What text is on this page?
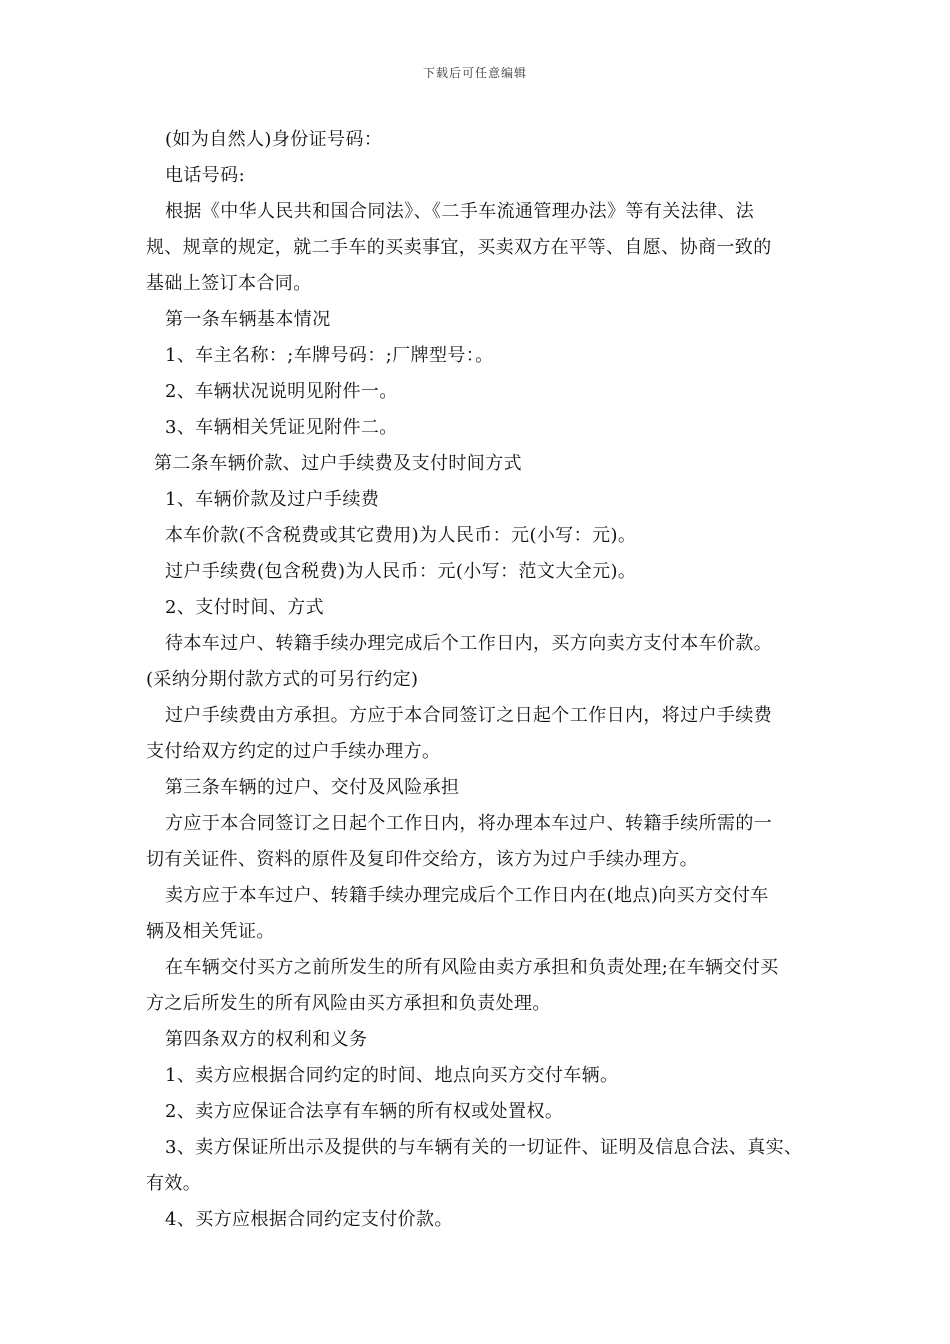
下载后可任意编辑

(如为自然人)身份证号码：

电话号码:

根据《中华人民共和国合同法》、《二手车流通管理办法》等有关法律、法

规、规章的规定，就二手车的买卖事宜，买卖双方在平等、自愿、协商一致的

基础上签订本合同。

第一条车辆基本情况

1、车主名称：;车牌号码：;厂牌型号：。

2、车辆状况说明见附件一。

3、车辆相关凭证见附件二。

第二条车辆价款、过户手续费及支付时间方式

1、车辆价款及过户手续费

本车价款(不含税费或其它费用)为人民币：元(小写：元)。

过户手续费(包含税费)为人民币：元(小写：范文大全元)。

2、支付时间、方式

待本车过户、转籍手续办理完成后个工作日内，买方向卖方支付本车价款。

(采纳分期付款方式的可另行约定)

过户手续费由方承担。方应于本合同签订之日起个工作日内，将过户手续费

支付给双方约定的过户手续办理方。

第三条车辆的过户、交付及风险承担

方应于本合同签订之日起个工作日内，将办理本车过户、转籍手续所需的一

切有关证件、资料的原件及复印件交给方，该方为过户手续办理方。

卖方应于本车过户、转籍手续办理完成后个工作日内在(地点)向买方交付车

辆及相关凭证。

在车辆交付买方之前所发生的所有风险由卖方承担和负责处理;在车辆交付买

方之后所发生的所有风险由买方承担和负责处理。

第四条双方的权利和义务

1、卖方应根据合同约定的时间、地点向买方交付车辆。

2、卖方应保证合法享有车辆的所有权或处置权。

3、卖方保证所出示及提供的与车辆有关的一切证件、证明及信息合法、真实、

有效。

4、买方应根据合同约定支付价款。
